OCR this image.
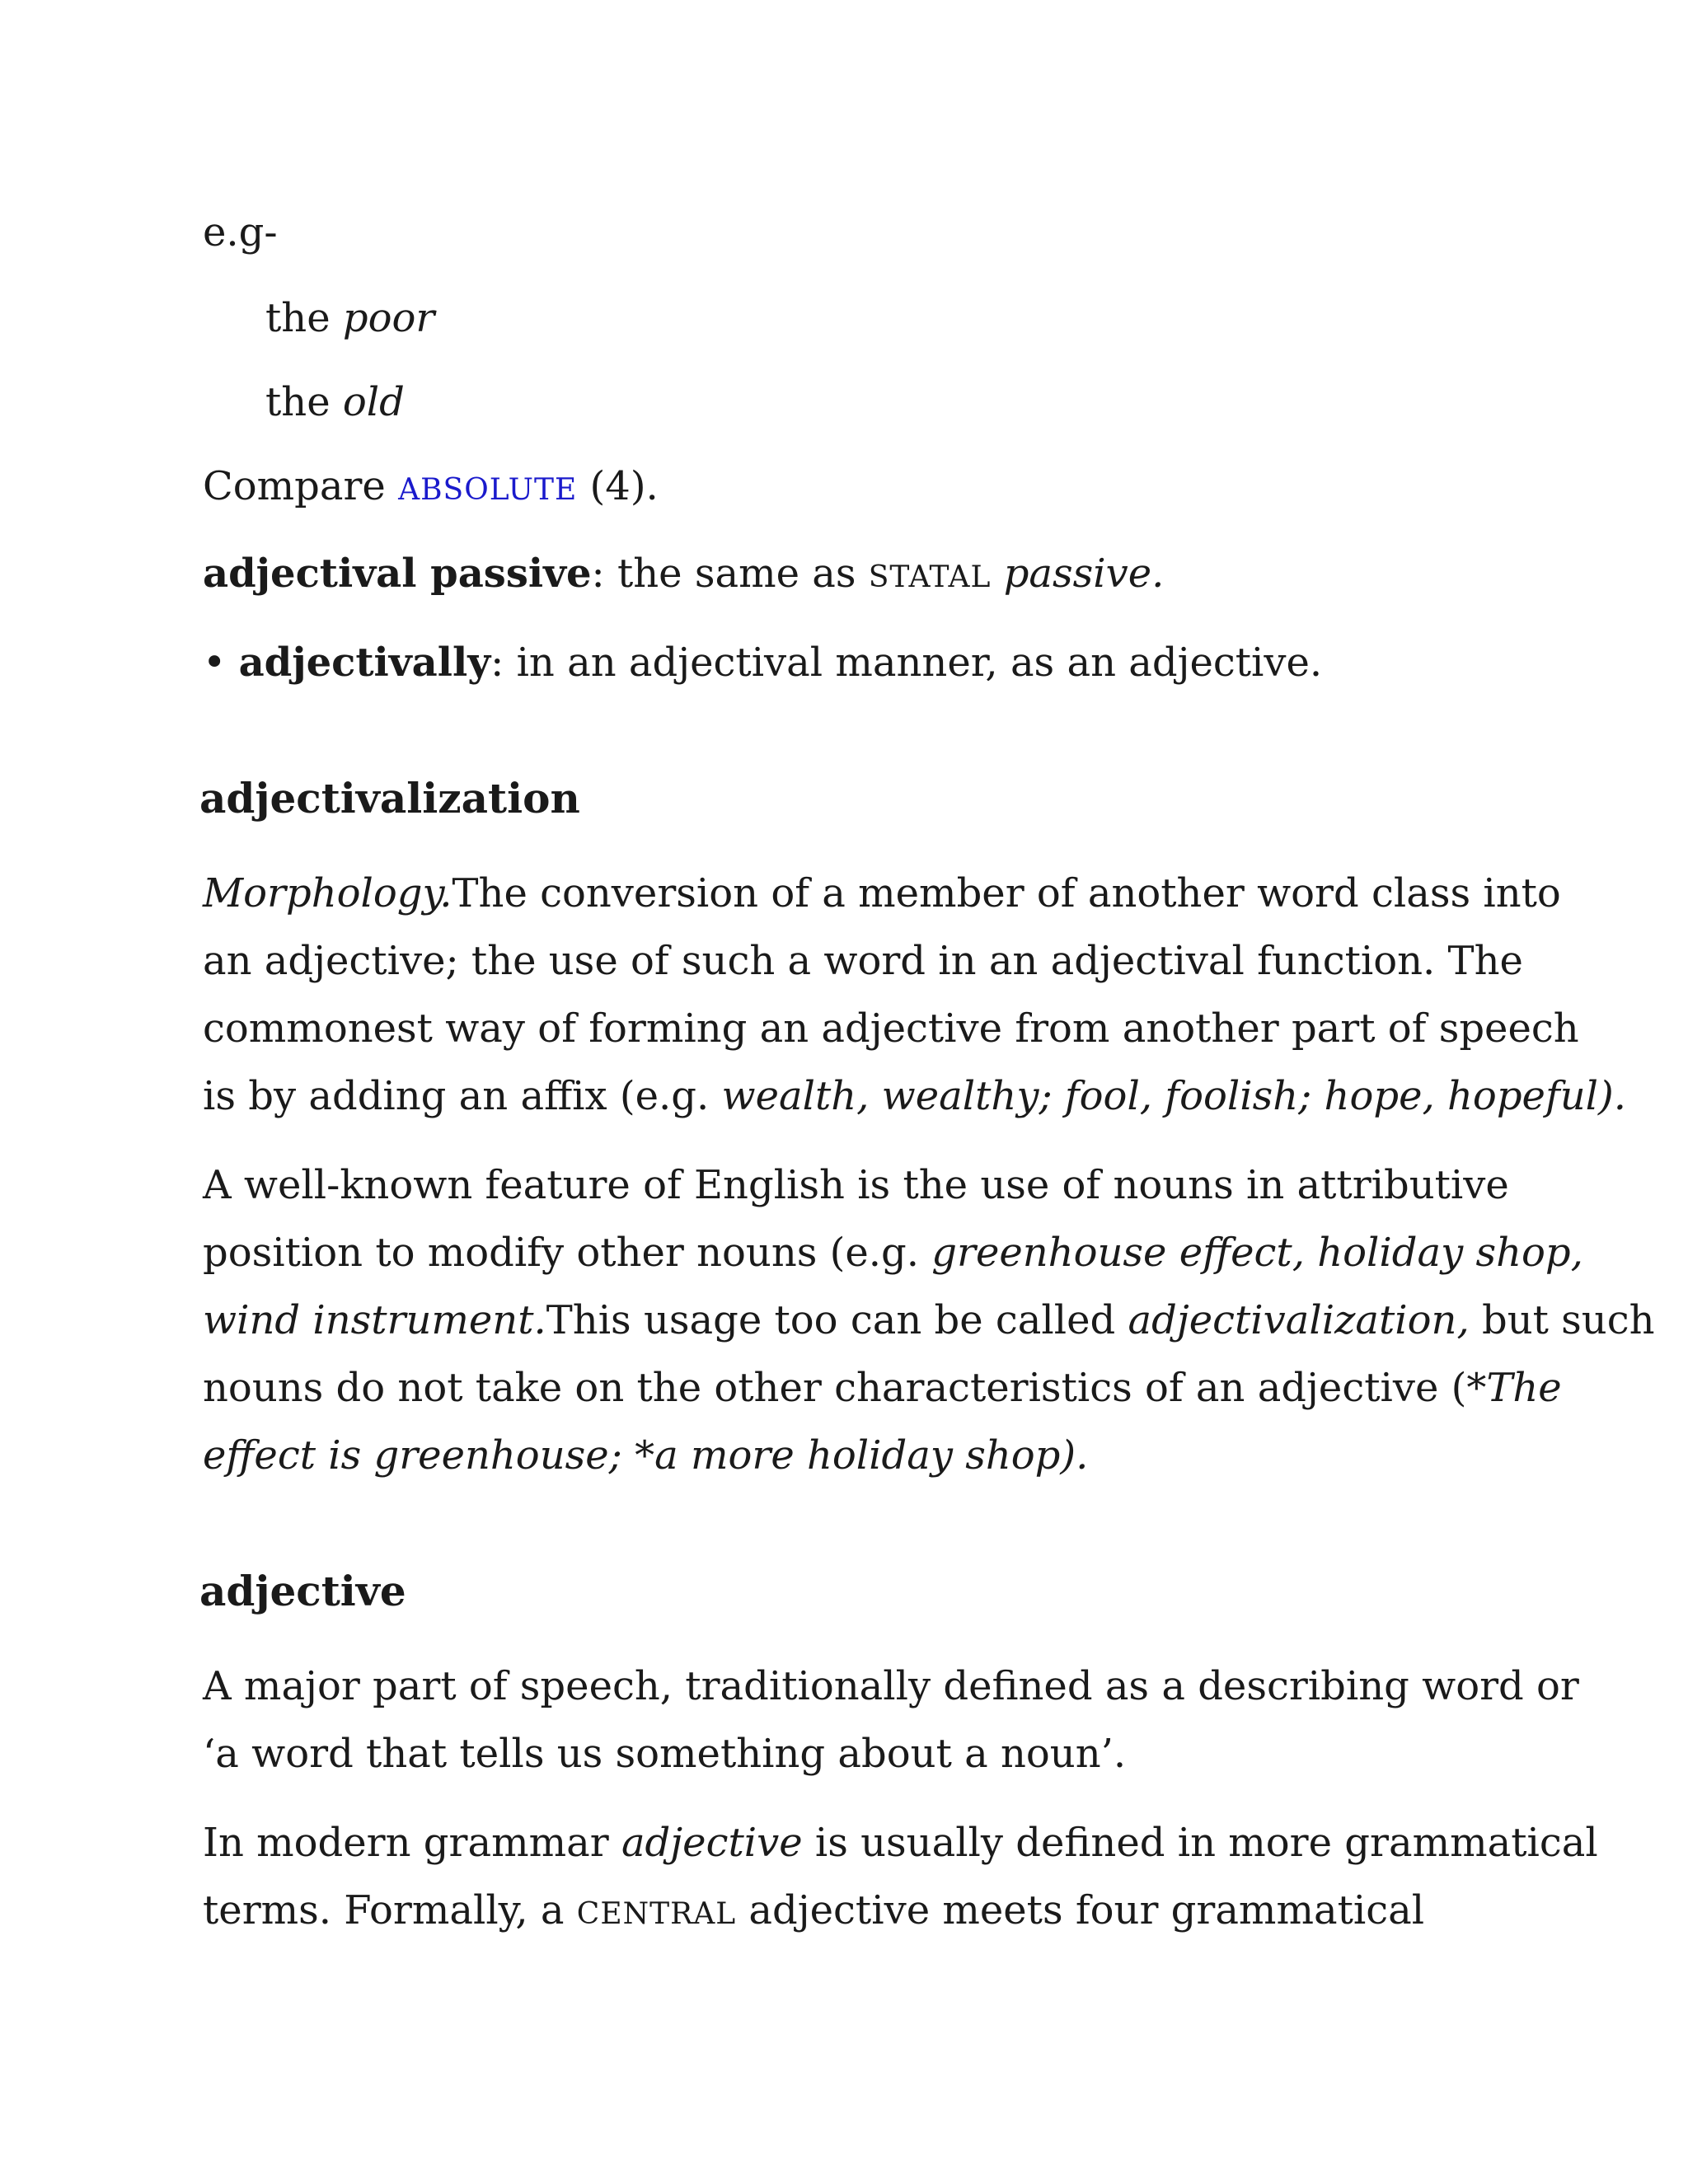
e.g-

the poor

the old

Compare ABSOLUTE (4).

adjectival passive: the same as STATAL passive.

• adjectivally: in an adjectival manner, as an adjective.

adjectivalization

Morphology.The conversion of a member of another word class into

an adjective; the use of such a word in an adjectival function. The

commonest way of forming an adjective from another part of speech

is by adding an affix (e.g. wealth, wealthy; fool, foolish; hope, hopeful).

A well-known feature of English is the use of nouns in attributive

position to modify other nouns (e.g. greenhouse effect, holiday shop,

wind instrument.This usage too can be called adjectivalization, but such

nouns do not take on the other characteristics of an adjective (*The

effect is greenhouse; *a more holiday shop).

adjective

A major part of speech, traditionally defined as a describing word or

‘a word that tells us something about a noun’.

In modern grammar adjective is usually defined in more grammatical

terms. Formally, a CENTRAL adjective meets four grammatical
